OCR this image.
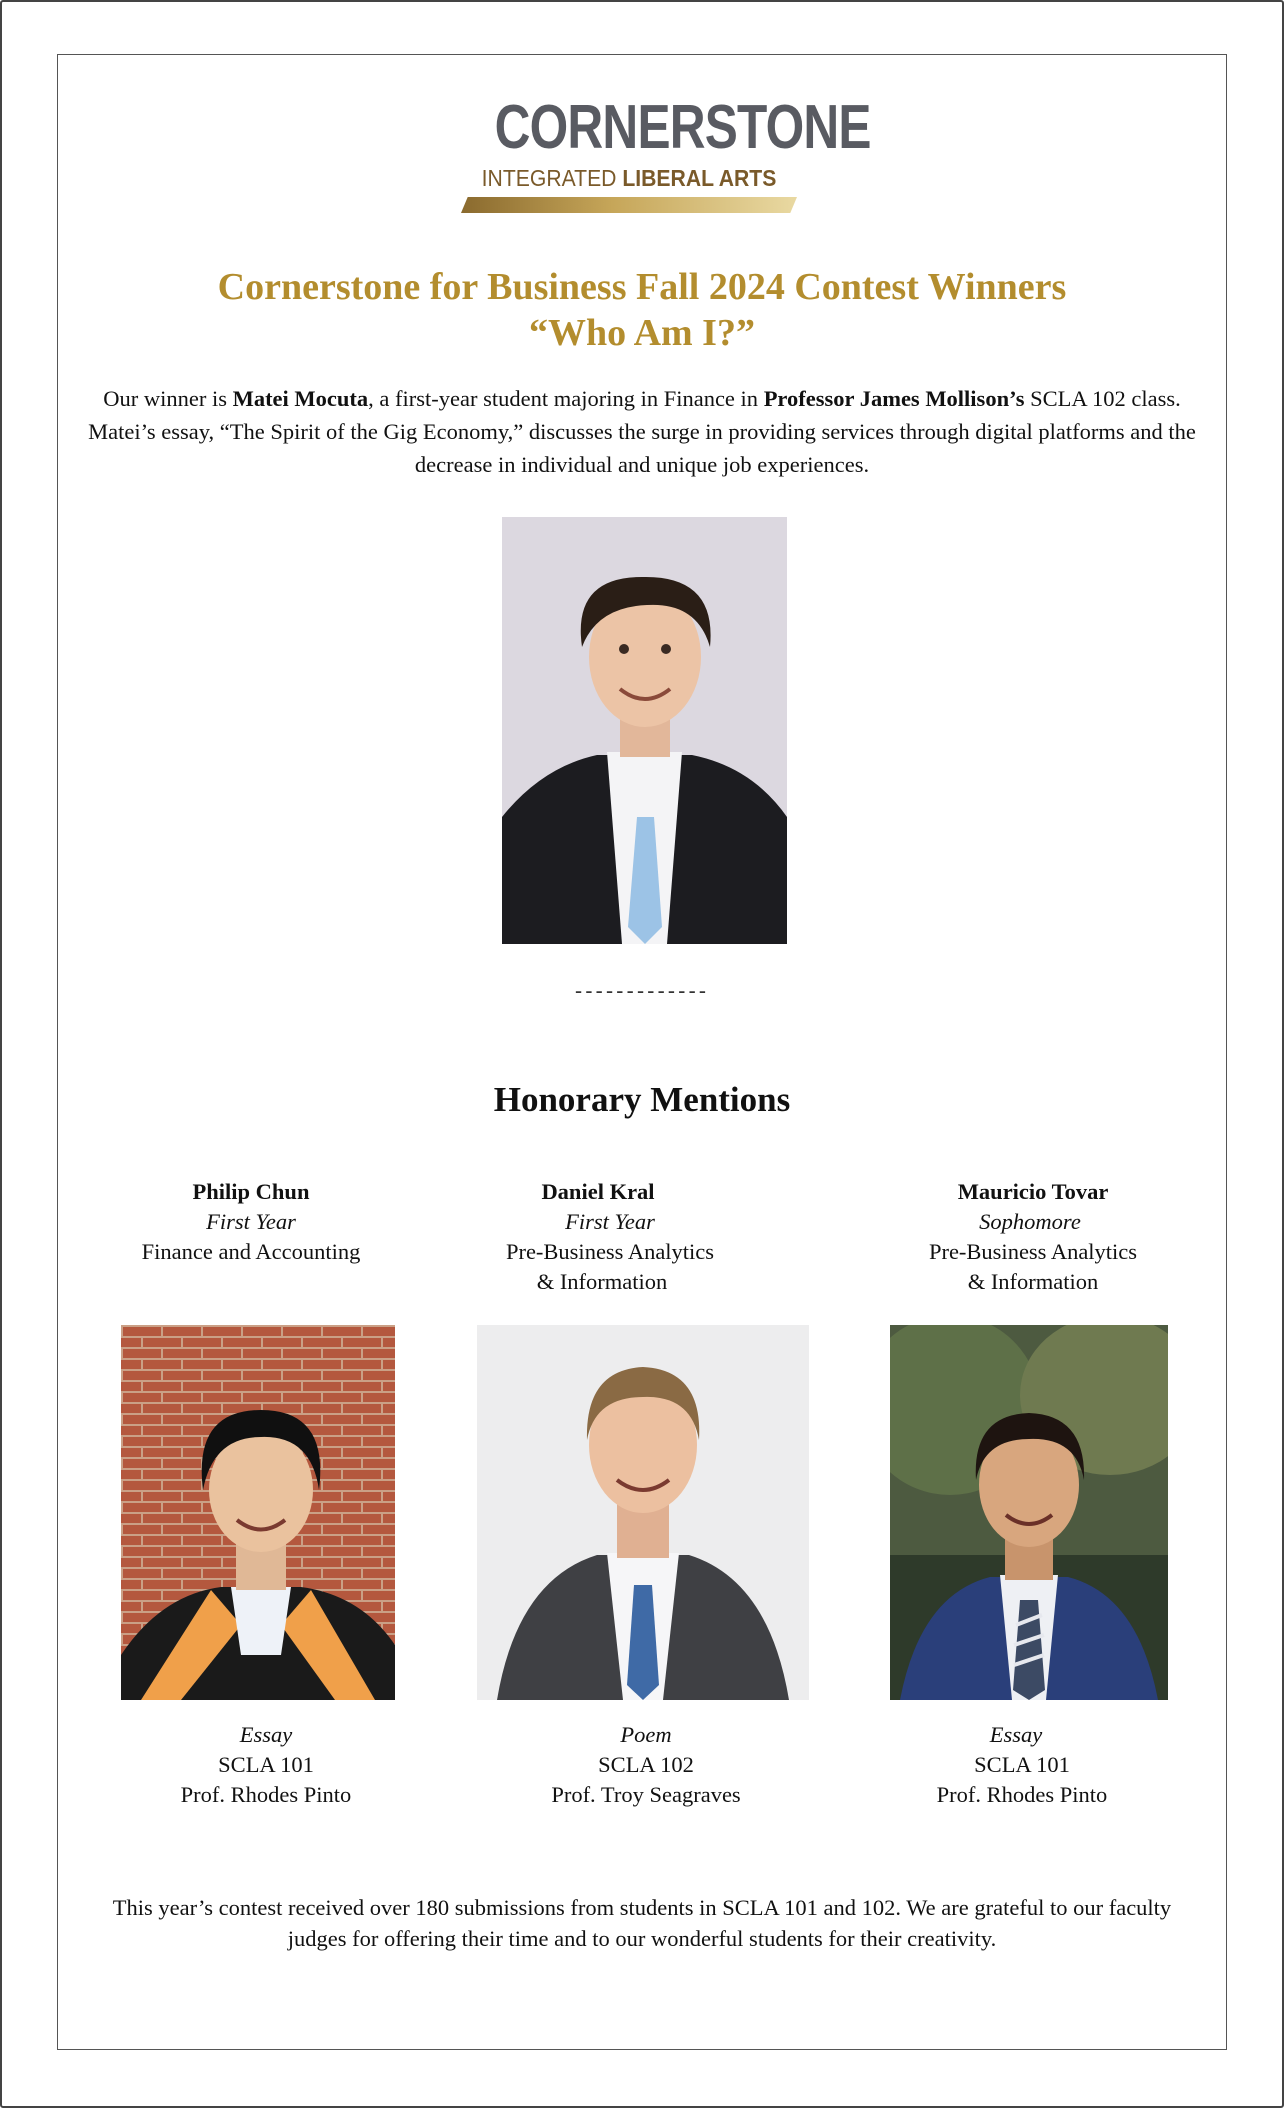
CORNERSTONE
INTEGRATED LIBERAL ARTS
Cornerstone for Business Fall 2024 Contest Winners
“Who Am I?”
Our winner is Matei Mocuta, a first-year student majoring in Finance in Professor James Mollison’s SCLA 102 class. Matei’s essay, “The Spirit of the Gig Economy,” discusses the surge in providing services through digital platforms and the decrease in individual and unique job experiences.
-------------
Honorary Mentions
Philip Chun
First Year
Finance and Accounting
Essay
SCLA 101
Prof. Rhodes Pinto
Daniel Kral
First Year
Pre-Business Analytics
& Information
Poem
SCLA 102
Prof. Troy Seagraves
Mauricio Tovar
Sophomore
Pre-Business Analytics
& Information
Essay
SCLA 101
Prof. Rhodes Pinto
This year’s contest received over 180 submissions from students in SCLA 101 and 102. We are grateful to our faculty judges for offering their time and to our wonderful students for their creativity.
